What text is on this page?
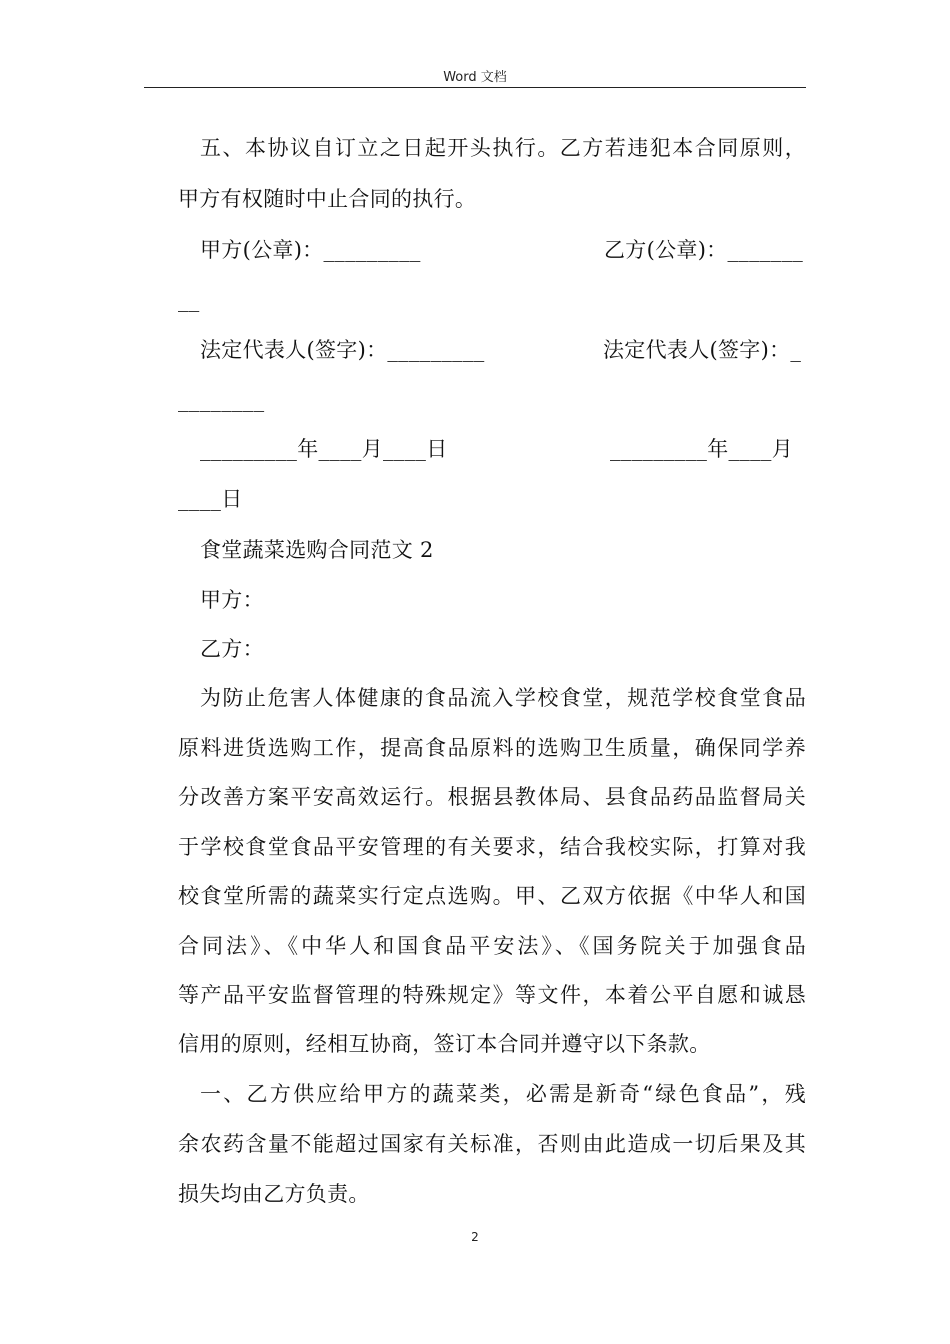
Word 文档
五、本协议自订立之日起开头执行。乙方若违犯本合同原则，
甲方有权随时中止合同的执行。
甲方(公章)：_________	乙方(公章)：_______
__
法定代表人(签字)：_________	法定代表人(签字)：_
________
_________年____月____日	_________年____月
____日
食堂蔬菜选购合同范文 2
甲方：
乙方：
为防止危害人体健康的食品流入学校食堂，规范学校食堂食品
原料进货选购工作，提高食品原料的选购卫生质量，确保同学养
分改善方案平安高效运行。根据县教体局、县食品药品监督局关
于学校食堂食品平安管理的有关要求，结合我校实际，打算对我
校食堂所需的蔬菜实行定点选购。甲、乙双方依据《中华人和国
合同法》、《中华人和国食品平安法》、《国务院关于加强食品
等产品平安监督管理的特殊规定》等文件，本着公平自愿和诚恳
信用的原则，经相互协商，签订本合同并遵守以下条款。
一、乙方供应给甲方的蔬菜类，必需是新奇“绿色食品”，残
余农药含量不能超过国家有关标准，否则由此造成一切后果及其
损失均由乙方负责。
2
